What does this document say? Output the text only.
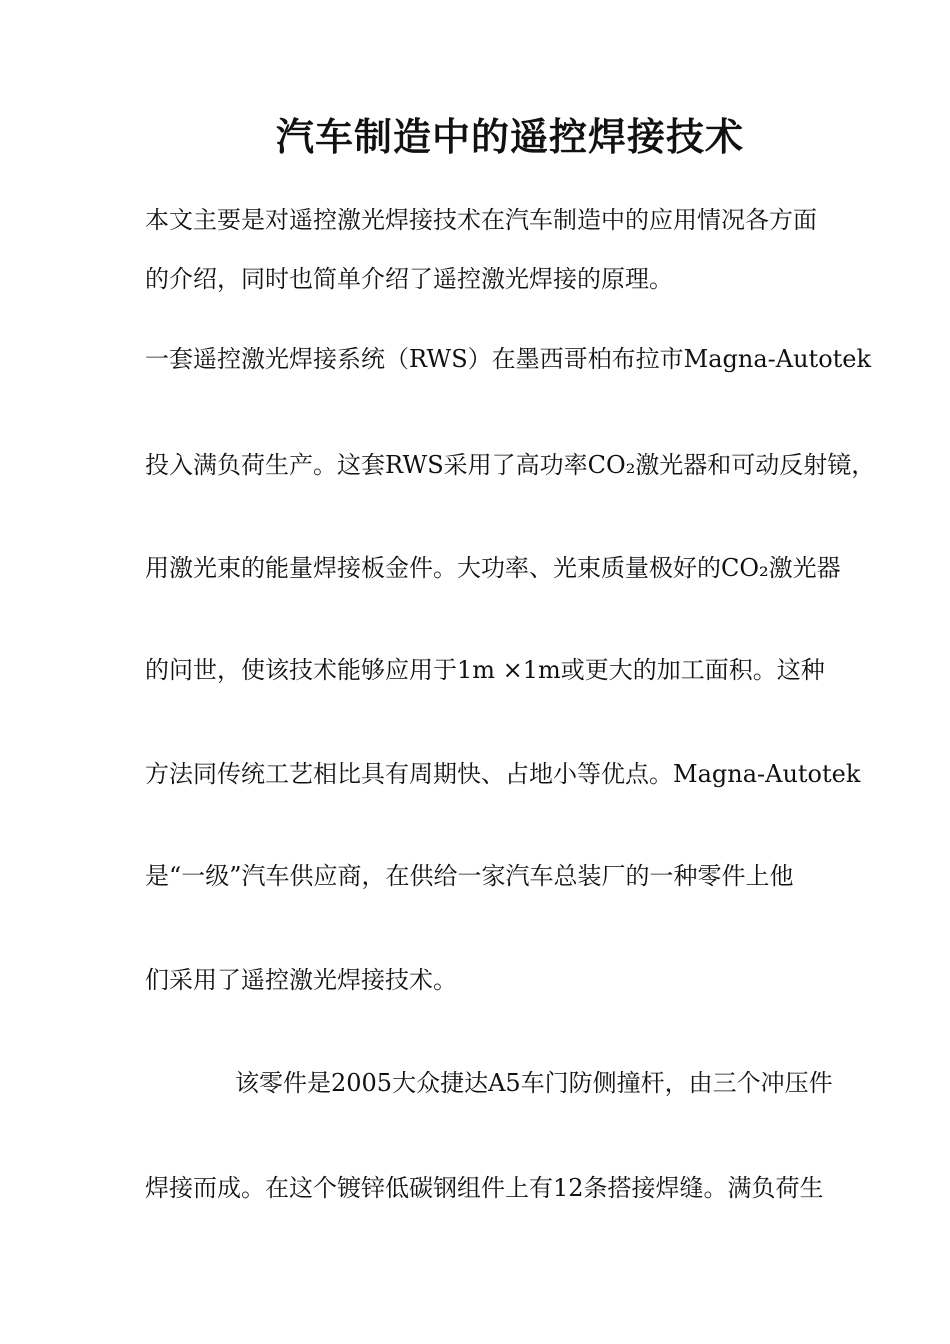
汽车制造中的遥控焊接技术
本文主要是对遥控激光焊接技术在汽车制造中的应用情况各方面
的介绍，同时也简单介绍了遥控激光焊接的原理。
一套遥控激光焊接系统（RWS）在墨西哥柏布拉市Magna-Autotek
投入满负荷生产。这套RWS采用了高功率CO₂激光器和可动反射镜，
用激光束的能量焊接板金件。大功率、光束质量极好的CO₂激光器
的问世，使该技术能够应用于1m ×1m或更大的加工面积。这种
方法同传统工艺相比具有周期快、占地小等优点。Magna-Autotek
是“一级”汽车供应商，在供给一家汽车总装厂的一种零件上他
们采用了遥控激光焊接技术。
该零件是2005大众捷达A5车门防侧撞杆，由三个冲压件
焊接而成。在这个镀锌低碳钢组件上有12条搭接焊缝。满负荷生
